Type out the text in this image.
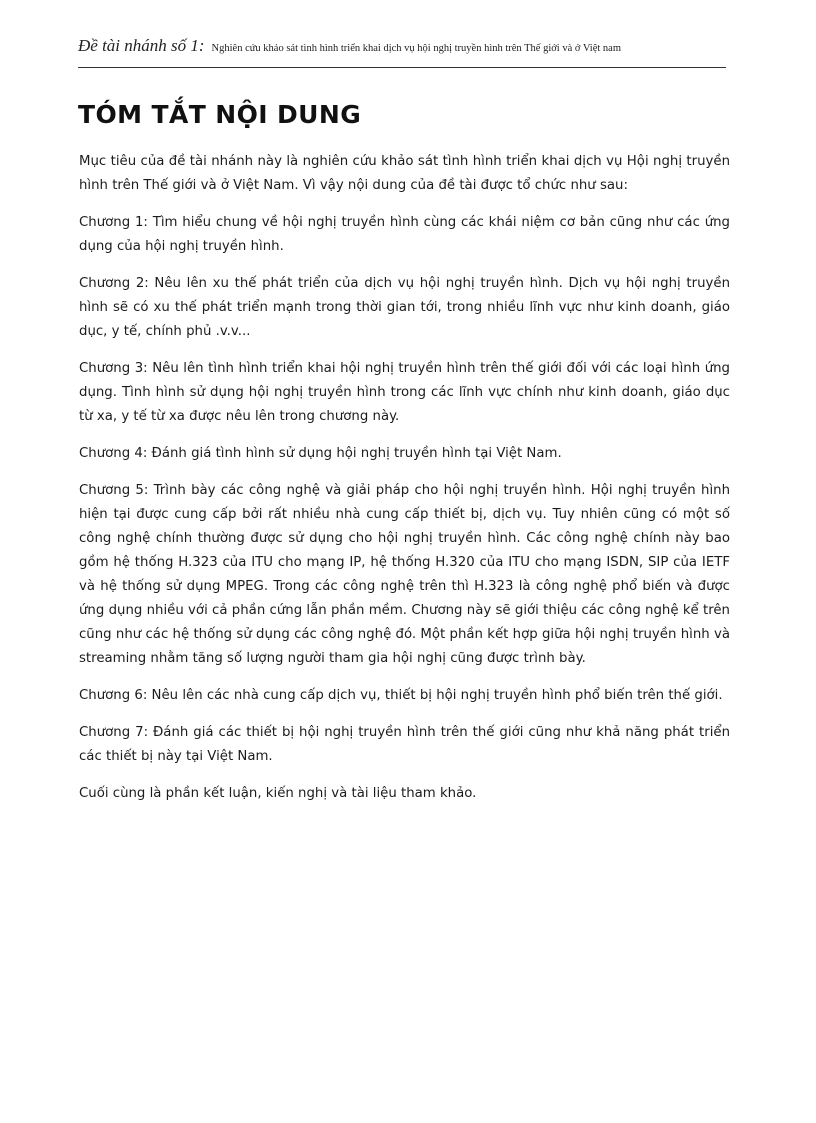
Đề tài nhánh số 1: Nghiên cứu khảo sát tình hình triển khai dịch vụ hội nghị truyền hình trên Thế giới và ở Việt nam
TÓM TẮT NỘI DUNG

Mục tiêu của đề tài nhánh này là nghiên cứu khảo sát tình hình triển khai dịch vụ Hội nghị truyền hình trên Thế giới và ở Việt Nam. Vì vậy nội dung của đề tài được tổ chức như sau:

Chương 1: Tìm hiểu chung về hội nghị truyền hình cùng các khái niệm cơ bản cũng như các ứng dụng của hội nghị truyền hình.

Chương 2: Nêu lên xu thế phát triển của dịch vụ hội nghị truyền hình. Dịch vụ hội nghị truyền hình sẽ có xu thế phát triển mạnh trong thời gian tới, trong nhiều lĩnh vực như kinh doanh, giáo dục, y tế, chính phủ .v.v...

Chương 3: Nêu lên tình hình triển khai hội nghị truyền hình trên thế giới đối với các loại hình ứng dụng. Tình hình sử dụng hội nghị truyền hình trong các lĩnh vực chính như kinh doanh, giáo dục từ xa, y tế từ xa được nêu lên trong chương này.

Chương 4: Đánh giá tình hình sử dụng hội nghị truyền hình tại Việt Nam.

Chương 5: Trình bày các công nghệ và giải pháp cho hội nghị truyền hình. Hội nghị truyền hình hiện tại được cung cấp bởi rất nhiều nhà cung cấp thiết bị, dịch vụ. Tuy nhiên cũng có một số công nghệ chính thường được sử dụng cho hội nghị truyền hình. Các công nghệ chính này bao gồm hệ thống H.323 của ITU cho mạng IP, hệ thống H.320 của ITU cho mạng ISDN, SIP của IETF và hệ thống sử dụng MPEG. Trong các công nghệ trên thì H.323 là công nghệ phổ biến và được ứng dụng nhiều với cả phần cứng lẫn phần mềm. Chương này sẽ giới thiệu các công nghệ kể trên cũng như các hệ thống sử dụng các công nghệ đó. Một phần kết hợp giữa hội nghị truyền hình và streaming nhằm tăng số lượng người tham gia hội nghị cũng được trình bày.

Chương 6: Nêu lên các nhà cung cấp dịch vụ, thiết bị hội nghị truyền hình phổ biến trên thế giới.

Chương 7: Đánh giá các thiết bị hội nghị truyền hình trên thế giới cũng như khả năng phát triển các thiết bị này tại Việt Nam.

Cuối cùng là phần kết luận, kiến nghị và tài liệu tham khảo.
